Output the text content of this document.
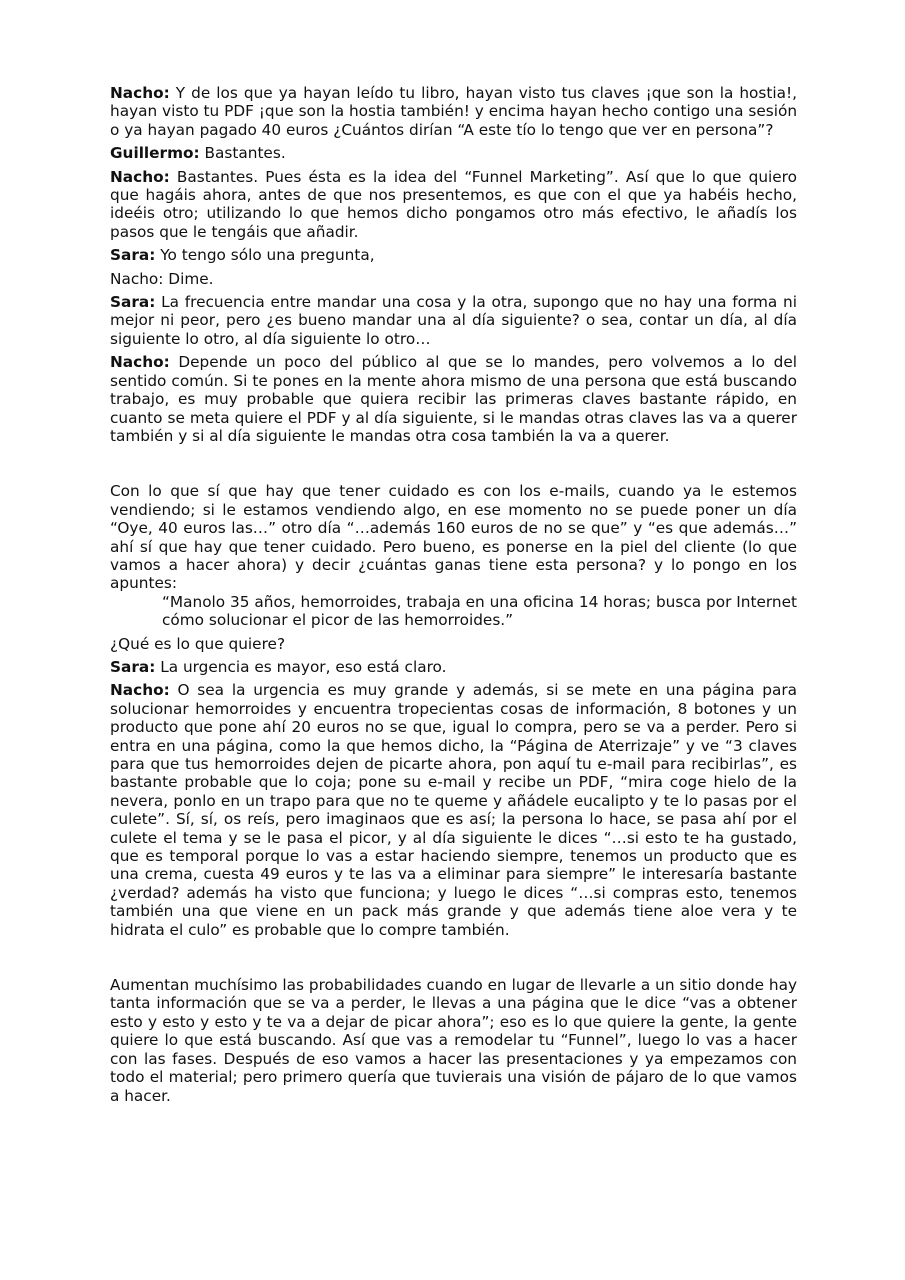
Nacho: Y de los que ya hayan leído tu libro, hayan visto tus claves ¡que son la hostia!, hayan visto tu PDF ¡que son la hostia también! y encima hayan hecho contigo una sesión o ya hayan pagado 40 euros ¿Cuántos dirían “A este tío lo tengo que ver en persona”?

Guillermo: Bastantes.

Nacho: Bastantes. Pues ésta es la idea del “Funnel Marketing”. Así que lo que quiero que hagáis ahora, antes de que nos presentemos, es que con el que ya habéis hecho, ideéis otro; utilizando lo que hemos dicho pongamos otro más efectivo, le añadís los pasos que le tengáis que añadir.

Sara: Yo tengo sólo una pregunta,

Nacho: Dime.

Sara: La frecuencia entre mandar una cosa y la otra, supongo que no hay una forma ni mejor ni peor, pero ¿es bueno mandar una al día siguiente? o sea, contar un día, al día siguiente lo otro, al día siguiente lo otro…

Nacho: Depende un poco del público al que se lo mandes, pero volvemos a lo del sentido común. Si te pones en la mente ahora mismo de una persona que está buscando trabajo, es muy probable que quiera recibir las primeras claves bastante rápido, en cuanto se meta quiere el PDF y al día siguiente, si le mandas otras claves las va a querer también y si al día siguiente le mandas otra cosa también la va a querer.

Con lo que sí que hay que tener cuidado es con los e-mails, cuando ya le estemos vendiendo; si le estamos vendiendo algo, en ese momento no se puede poner un día “Oye, 40 euros las…” otro día “…además 160 euros de no se que” y “es que además…” ahí sí que hay que tener cuidado. Pero bueno, es ponerse en la piel del cliente (lo que vamos a hacer ahora) y decir ¿cuántas ganas tiene esta persona? y lo pongo en los apuntes:

“Manolo 35 años, hemorroides, trabaja en una oficina 14 horas; busca por Internet cómo solucionar el picor de las hemorroides.”

¿Qué es lo que quiere?

Sara: La urgencia es mayor, eso está claro.

Nacho: O sea la urgencia es muy grande y además, si se mete en una página para solucionar hemorroides y encuentra tropecientas cosas de información, 8 botones y un producto que pone ahí 20 euros no se que, igual lo compra, pero se va a perder. Pero si entra en una página, como la que hemos dicho, la “Página de Aterrizaje” y ve “3 claves para que tus hemorroides dejen de picarte ahora, pon aquí tu e-mail para recibirlas”, es bastante probable que lo coja; pone su e-mail y recibe un PDF, “mira coge hielo de la nevera, ponlo en un trapo para que no te queme y añádele eucalipto y te lo pasas por el culete”. Sí, sí, os reís, pero imaginaos que es así; la persona lo hace, se pasa ahí por el culete el tema y se le pasa el picor, y al día siguiente le dices “…si esto te ha gustado, que es temporal porque lo vas a estar haciendo siempre, tenemos un producto que es una crema, cuesta 49 euros y te las va a eliminar para siempre” le interesaría bastante ¿verdad? además ha visto que funciona; y luego le dices “…si compras esto, tenemos también una que viene en un pack más grande y que además tiene aloe vera y te hidrata el culo” es probable que lo compre también.

Aumentan muchísimo las probabilidades cuando en lugar de llevarle a un sitio donde hay tanta información que se va a perder, le llevas a una página que le dice “vas a obtener esto y esto y esto y te va a dejar de picar ahora”; eso es lo que quiere la gente, la gente quiere lo que está buscando. Así que vas a remodelar tu “Funnel”, luego lo vas a hacer con las fases. Después de eso vamos a hacer las presentaciones y ya empezamos con todo el material; pero primero quería que tuvierais una visión de pájaro de lo que vamos a hacer.
